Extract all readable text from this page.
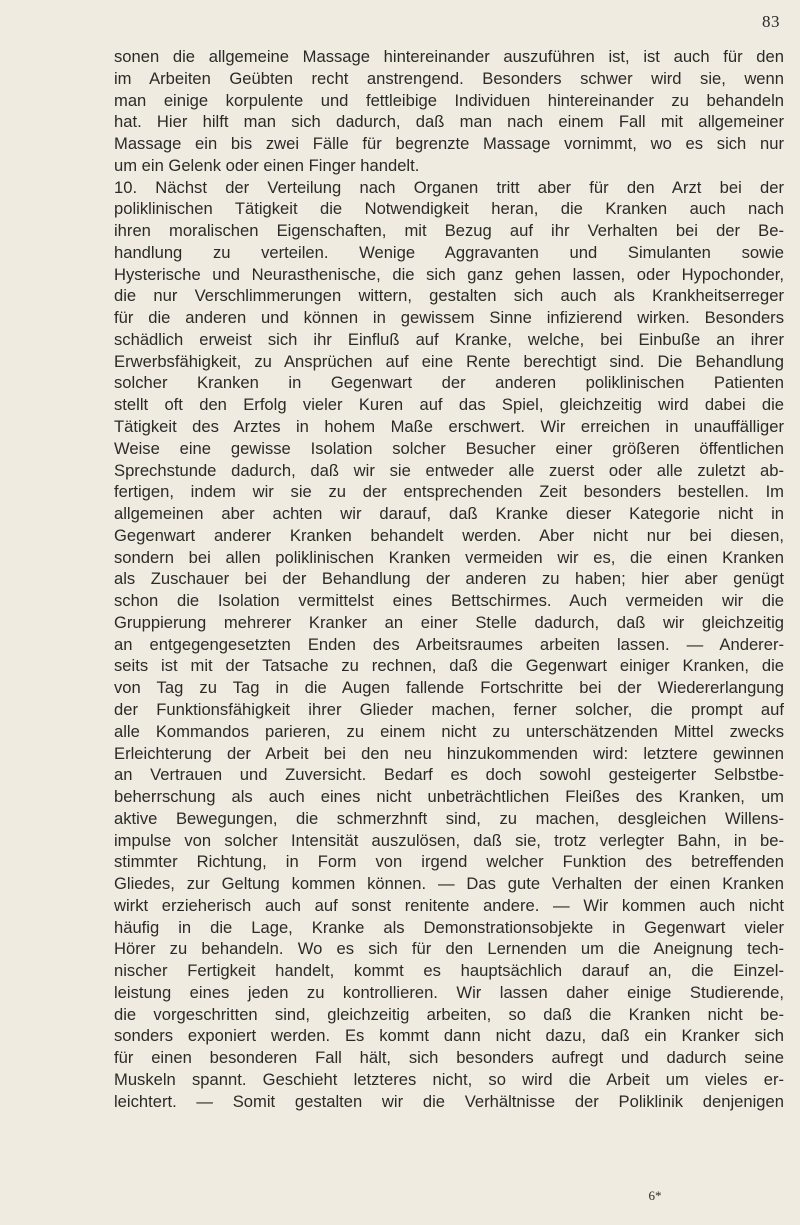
83
sonen die allgemeine Massage hintereinander auszuführen ist, ist auch für den
im Arbeiten Geübten recht anstrengend. Besonders schwer wird sie, wenn
man einige korpulente und fettleibige Individuen hintereinander zu behandeln
hat. Hier hilft man sich dadurch, daß man nach einem Fall mit allgemeiner
Massage ein bis zwei Fälle für begrenzte Massage vornimmt, wo es sich nur
um ein Gelenk oder einen Finger handelt.
10. Nächst der Verteilung nach Organen tritt aber für den Arzt bei der
poliklinischen Tätigkeit die Notwendigkeit heran, die Kranken auch nach
ihren moralischen Eigenschaften, mit Bezug auf ihr Verhalten bei der Be-
handlung zu verteilen. Wenige Aggravanten und Simulanten sowie
Hysterische und Neurasthenische, die sich ganz gehen lassen, oder Hypochonder,
die nur Verschlimmerungen wittern, gestalten sich auch als Krankheitserreger
für die anderen und können in gewissem Sinne infizierend wirken. Besonders
schädlich erweist sich ihr Einfluß auf Kranke, welche, bei Einbuße an ihrer
Erwerbsfähigkeit, zu Ansprüchen auf eine Rente berechtigt sind. Die Behandlung
solcher Kranken in Gegenwart der anderen poliklinischen Patienten
stellt oft den Erfolg vieler Kuren auf das Spiel, gleichzeitig wird dabei die
Tätigkeit des Arztes in hohem Maße erschwert. Wir erreichen in unauffälliger
Weise eine gewisse Isolation solcher Besucher einer größeren öffentlichen
Sprechstunde dadurch, daß wir sie entweder alle zuerst oder alle zuletzt ab-
fertigen, indem wir sie zu der entsprechenden Zeit besonders bestellen. Im
allgemeinen aber achten wir darauf, daß Kranke dieser Kategorie nicht in
Gegenwart anderer Kranken behandelt werden. Aber nicht nur bei diesen,
sondern bei allen poliklinischen Kranken vermeiden wir es, die einen Kranken
als Zuschauer bei der Behandlung der anderen zu haben; hier aber genügt
schon die Isolation vermittelst eines Bettschirmes. Auch vermeiden wir die
Gruppierung mehrerer Kranker an einer Stelle dadurch, daß wir gleichzeitig
an entgegengesetzten Enden des Arbeitsraumes arbeiten lassen. — Anderer-
seits ist mit der Tatsache zu rechnen, daß die Gegenwart einiger Kranken, die
von Tag zu Tag in die Augen fallende Fortschritte bei der Wiedererlangung
der Funktionsfähigkeit ihrer Glieder machen, ferner solcher, die prompt auf
alle Kommandos parieren, zu einem nicht zu unterschätzenden Mittel zwecks
Erleichterung der Arbeit bei den neu hinzukommenden wird: letztere gewinnen
an Vertrauen und Zuversicht. Bedarf es doch sowohl gesteigerter Selbstbe-
beherrschung als auch eines nicht unbeträchtlichen Fleißes des Kranken, um
aktive Bewegungen, die schmerzhnft sind, zu machen, desgleichen Willens-
impulse von solcher Intensität auszulösen, daß sie, trotz verlegter Bahn, in be-
stimmter Richtung, in Form von irgend welcher Funktion des betreffenden
Gliedes, zur Geltung kommen können. — Das gute Verhalten der einen Kranken
wirkt erzieherisch auch auf sonst renitente andere. — Wir kommen auch nicht
häufig in die Lage, Kranke als Demonstrationsobjekte in Gegenwart vieler
Hörer zu behandeln. Wo es sich für den Lernenden um die Aneignung tech-
nischer Fertigkeit handelt, kommt es hauptsächlich darauf an, die Einzel-
leistung eines jeden zu kontrollieren. Wir lassen daher einige Studierende,
die vorgeschritten sind, gleichzeitig arbeiten, so daß die Kranken nicht be-
sonders exponiert werden. Es kommt dann nicht dazu, daß ein Kranker sich
für einen besonderen Fall hält, sich besonders aufregt und dadurch seine
Muskeln spannt. Geschieht letzteres nicht, so wird die Arbeit um vieles er-
leichtert. — Somit gestalten wir die Verhältnisse der Poliklinik denjenigen
6*
